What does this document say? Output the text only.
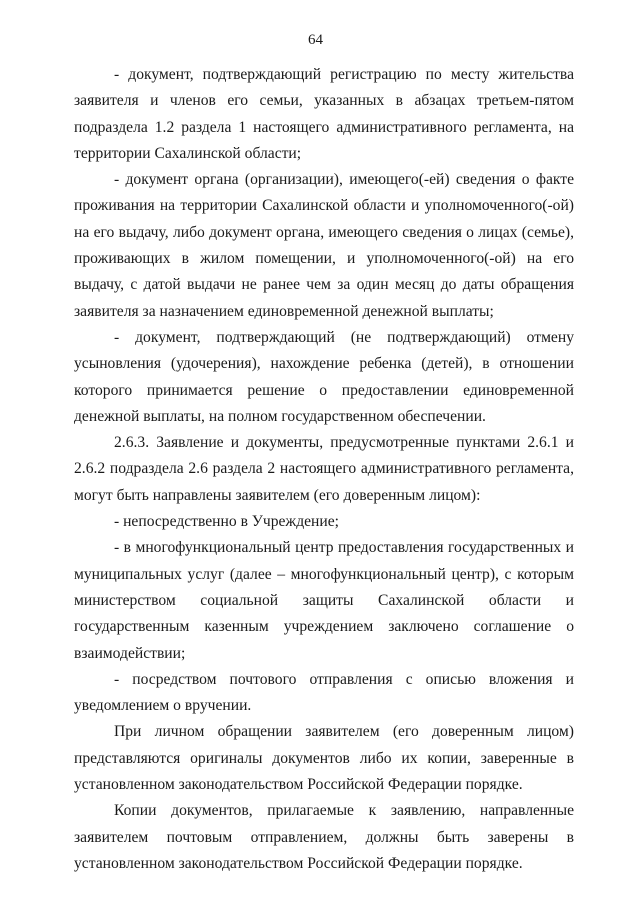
64

- документ, подтверждающий регистрацию по месту жительства заявителя и членов его семьи, указанных в абзацах третьем-пятом подраздела 1.2 раздела 1 настоящего административного регламента, на территории Сахалинской области;

- документ органа (организации), имеющего(-ей) сведения о факте проживания на территории Сахалинской области и уполномоченного(-ой) на его выдачу, либо документ органа, имеющего сведения о лицах (семье), проживающих в жилом помещении, и уполномоченного(-ой) на его выдачу, с датой выдачи не ранее чем за один месяц до даты обращения заявителя за назначением единовременной денежной выплаты;

- документ, подтверждающий (не подтверждающий) отмену усыновления (удочерения), нахождение ребенка (детей), в отношении которого принимается решение о предоставлении единовременной денежной выплаты, на полном государственном обеспечении.

2.6.3. Заявление и документы, предусмотренные пунктами 2.6.1 и 2.6.2 подраздела 2.6 раздела 2 настоящего административного регламента, могут быть направлены заявителем (его доверенным лицом):

- непосредственно в Учреждение;

- в многофункциональный центр предоставления государственных и муниципальных услуг (далее – многофункциональный центр), с которым министерством социальной защиты Сахалинской области и государственным казенным учреждением заключено соглашение о взаимодействии;

- посредством почтового отправления с описью вложения и уведомлением о вручении.

При личном обращении заявителем (его доверенным лицом) представляются оригиналы документов либо их копии, заверенные в установленном законодательством Российской Федерации порядке.

Копии документов, прилагаемые к заявлению, направленные заявителем почтовым отправлением, должны быть заверены в установленном законодательством Российской Федерации порядке.
